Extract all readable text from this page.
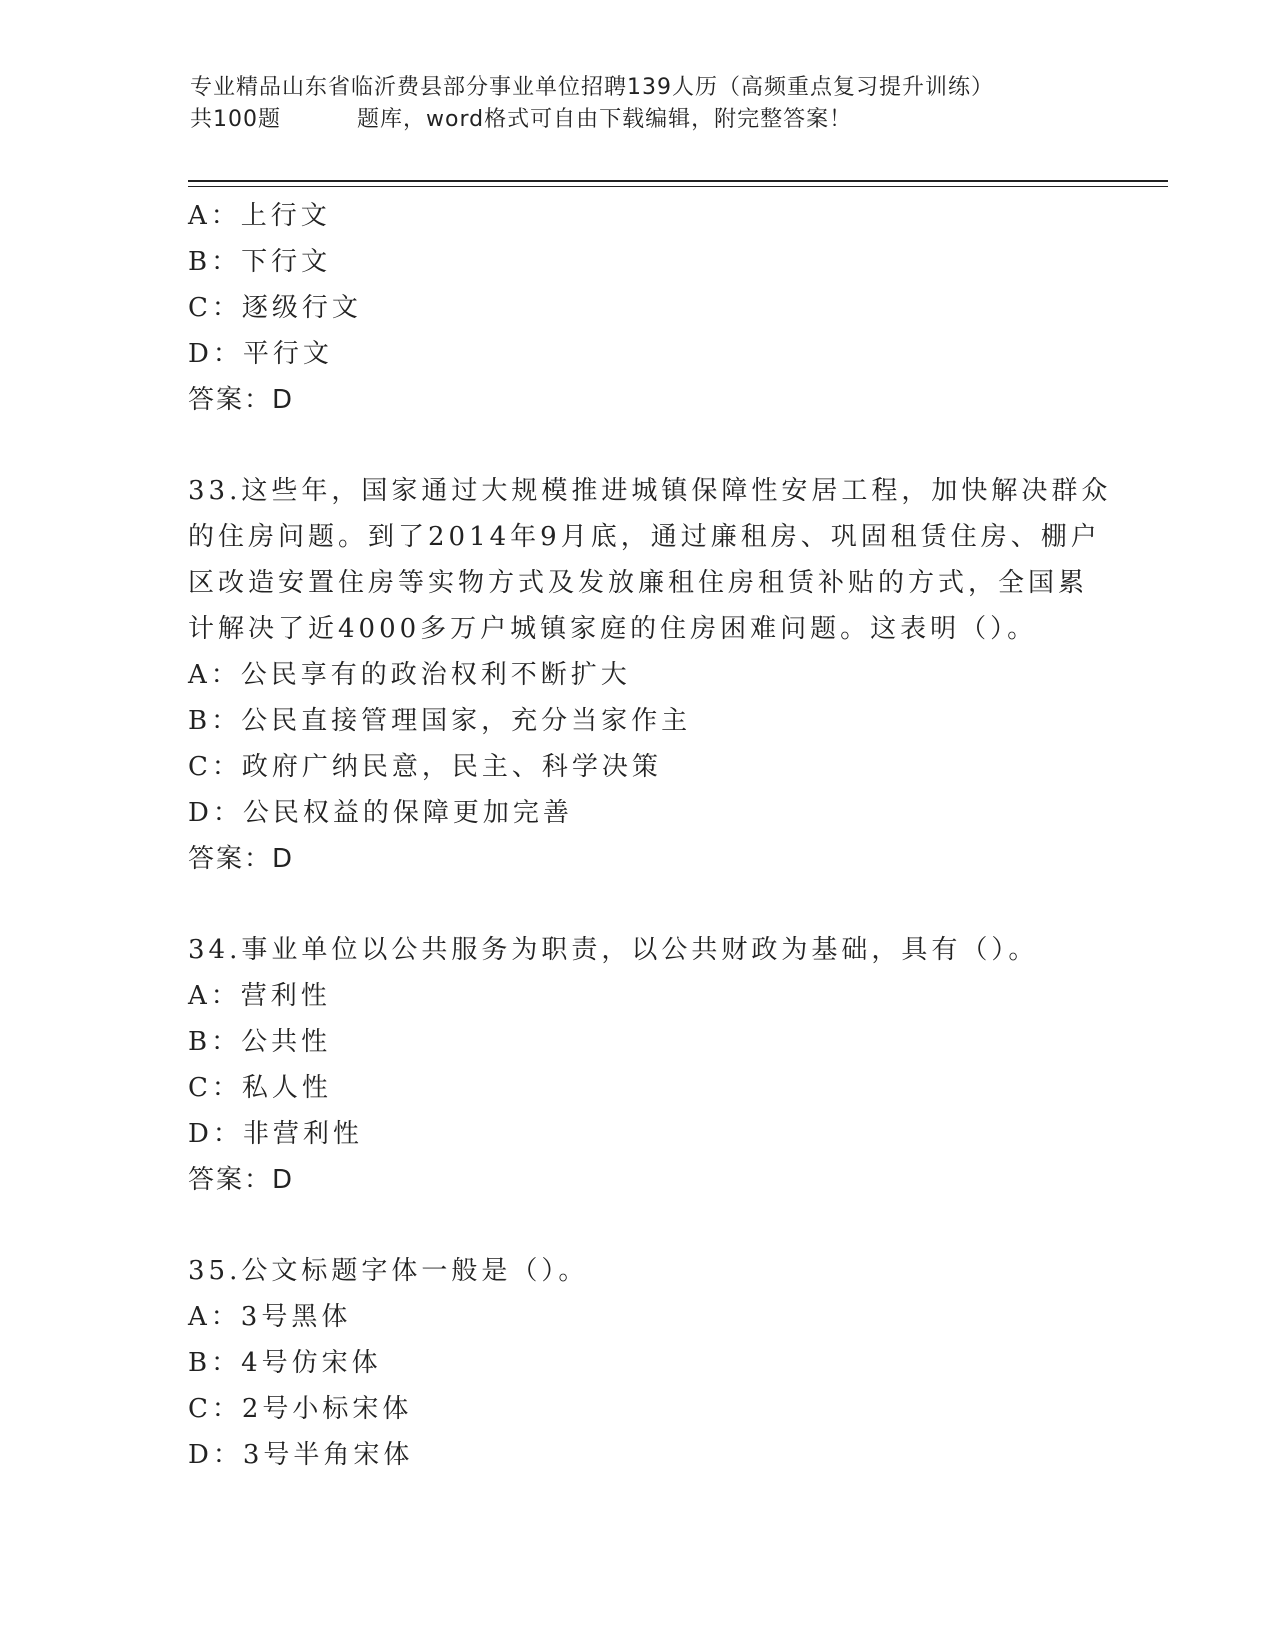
专业精品山东省临沂费县部分事业单位招聘139人历（高频重点复习提升训练）
共100题	题库，word格式可自由下载编辑，附完整答案！
A：上行文
B：下行文
C：逐级行文
D：平行文
答案：D
33.这些年，国家通过大规模推进城镇保障性安居工程，加快解决群众
的住房问题。到了2014年9月底，通过廉租房、巩固租赁住房、棚户
区改造安置住房等实物方式及发放廉租住房租赁补贴的方式，全国累
计解决了近4000多万户城镇家庭的住房困难问题。这表明（）。
A：公民享有的政治权利不断扩大
B：公民直接管理国家，充分当家作主
C：政府广纳民意，民主、科学决策
D：公民权益的保障更加完善
答案：D
34.事业单位以公共服务为职责，以公共财政为基础，具有（）。
A：营利性
B：公共性
C：私人性
D：非营利性
答案：D
35.公文标题字体一般是（）。
A：3号黑体
B：4号仿宋体
C：2号小标宋体
D：3号半角宋体
